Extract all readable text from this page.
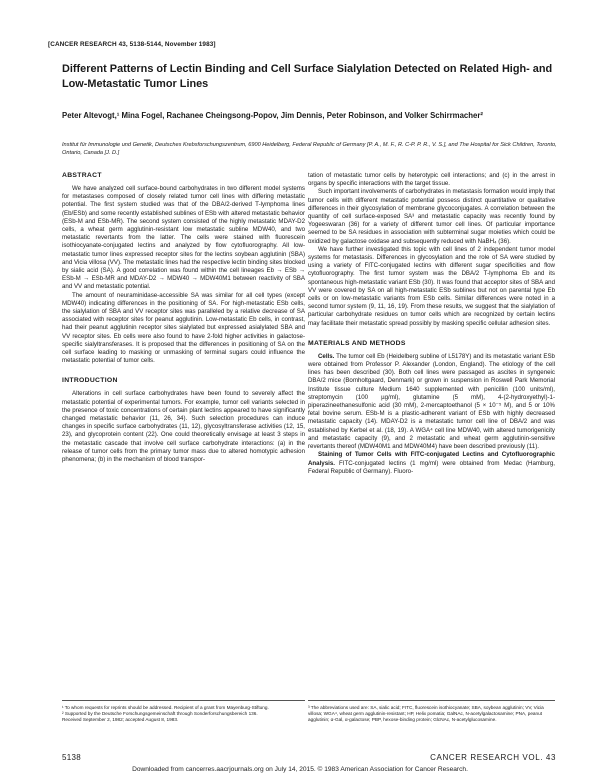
[CANCER RESEARCH 43, 5138-5144, November 1983]
Different Patterns of Lectin Binding and Cell Surface Sialylation Detected on Related High- and Low-Metastatic Tumor Lines
Peter Altevogt,¹ Mina Fogel, Rachanee Cheingsong-Popov, Jim Dennis, Peter Robinson, and Volker Schirrmacher²
Institut für Immunologie und Genetik, Deutsches Krebsforschungszentrum, 6900 Heidelberg, Federal Republic of Germany [P. A., M. F., R. C-P. P. R., V. S.], and The Hospital for Sick Children, Toronto, Ontario, Canada [J. D.]
ABSTRACT

We have analyzed cell surface-bound carbohydrates in two different model systems for metastases composed of closely related tumor cell lines with differing metastatic potential. The first system studied was that of the DBA/2-derived T-lymphoma lines (Eb/ESb) and some recently established sublines of ESb with altered metastatic behavior (ESb-M and ESb-MR). The second system consisted of the highly metastatic MDAY-D2 cells, a wheat germ agglutinin-resistant low metastatic subline MDW40, and two metastatic revertants from the latter. The cells were stained with fluorescein isothiocyanate-conjugated lectins and analyzed by flow cytofluorography. All low-metastatic tumor lines expressed receptor sites for the lectins soybean agglutinin (SBA) and Vicia villosa (VV). The metastatic lines had the respective lectin binding sites blocked by sialic acid (SA). A good correlation was found within the cell lineages Eb → ESb → ESb-M → ESb-MR and MDAY-D2 → MDW40 → MDW40M1 between reactivity of SBA and VV and metastatic potential.

The amount of neuraminidase-accessible SA was similar for all cell types (except MDW40) indicating differences in the positioning of SA. For high-metastatic ESb cells, the sialylation of SBA and VV receptor sites was paralleled by a relative decrease of SA associated with receptor sites for peanut agglutinin. Low-metastatic Eb cells, in contrast, had their peanut agglutinin receptor sites sialylated but expressed asialylated SBA and VV receptor sites. Eb cells were also found to have 2-fold higher activities in galactose-specific sialyltransferases. It is proposed that the differences in positioning of SA on the cell surface leading to masking or unmasking of terminal sugars could influence the metastatic potential of tumor cells.

INTRODUCTION

Alterations in cell surface carbohydrates have been found to severely affect the metastatic potential of experimental tumors. For example, tumor cell variants selected in the presence of toxic concentrations of certain plant lectins appeared to have significantly changed metastatic behavior (11, 26, 34). Such selection procedures can induce changes in specific surface carbohydrates (11, 12), glycosyltransferase activities (12, 15, 23), and glycoprotein content (22). One could theoretically envisage at least 3 steps in the metastatic cascade that involve cell surface carbohydrate interactions: (a) in the release of tumor cells from the primary tumor mass due to altered homotypic adhesion phenomena; (b) in the mechanism of blood transpor-

tation of metastatic tumor cells by heterotypic cell interactions; and (c) in the arrest in organs by specific interactions with the target tissue.

Such important involvements of carbohydrates in metastasis formation would imply that tumor cells with different metastatic potential possess distinct quantitative or qualitative differences in their glycosylation of membrane glycoconjugates. A correlation between the quantity of cell surface-exposed SA³ and metastatic capacity was recently found by Yogeeswaran (36) for a variety of different tumor cell lines. Of particular importance seemed to be SA residues in association with subterminal sugar moieties which could be oxidized by galactose oxidase and subsequently reduced with NaBH₄ (36).

We have further investigated this topic with cell lines of 2 independent tumor model systems for metastasis. Differences in glycosylation and the role of SA were studied by using a variety of FITC-conjugated lectins with different sugar specificities and flow cytofluorography. The first tumor system was the DBA/2 T-lymphoma Eb and its spontaneous high-metastatic variant ESb (30). It was found that acceptor sites of SBA and VV were covered by SA on all high-metastatic ESb sublines but not on parental type Eb cells or on low-metastatic variants from ESb cells. Similar differences were noted in a second tumor system (9, 11, 16, 19). From these results, we suggest that the sialylation of particular carbohydrate residues on tumor cells which are recognized by certain lectins may facilitate their metastatic spread possibly by masking specific cellular adhesion sites.

MATERIALS AND METHODS

Cells. The tumor cell Eb (Heidelberg subline of L5178Y) and its metastatic variant ESb were obtained from Professor P. Alexander (London, England). The etiology of the cell lines has been described (30). Both cell lines were passaged as ascites in syngeneic DBA/2 mice (Bomholtgaard, Denmark) or grown in suspension in Roswell Park Memorial Institute tissue culture Medium 1640 supplemented with penicillin (100 units/ml), streptomycin (100 µg/ml), glutamine (5 mM), 4-(2-hydroxyethyl)-1-piperazineethanesulfonic acid (30 mM), 2-mercaptoethanol (5 × 10⁻⁵ M), and 5 or 10% fetal bovine serum. ESb-M is a plastic-adherent variant of ESb with highly decreased metastatic capacity (14). MDAY-D2 is a metastatic tumor cell line of DBA/2 and was established by Kerbel et al. (18, 19). A WGA⁴ cell line MDW40, with altered tumorigenicity and metastatic capacity (9), and 2 metastatic and wheat germ agglutinin-sensitive revertants thereof (MDW40M1 and MDW40M4) have been described previously (11).

Staining of Tumor Cells with FITC-conjugated Lectins and Cytofluorographic Analysis. FITC-conjugated lectins (1 mg/ml) were obtained from Medac (Hamburg, Federal Republic of Germany). Fluoro-

¹ To whom requests for reprints should be addressed. Recipient of a grant from Mayenburg-Stiftung.
² Supported by the Deutsche Forschungsgemeinschaft through Sonderforschungsbereich 136.
Received September 2, 1982; accepted August 8, 1983.
³ The abbreviations used are: SA, sialic acid; FITC, fluorescein isothiocyanate; SBA, soybean agglutinin; VV, Vicia villosa; WGA⁴, wheat germ agglutinin-resistant; HP, Helix pomatia; GalNAc, N-acetylgalactosamine; PNA, peanut agglutinin; α-Gal, α-galactose; PBP, hexose-binding protein; GlcNAc, N-acetylglucosamine.
5138	CANCER RESEARCH VOL. 43
Downloaded from cancerres.aacrjournals.org on July 14, 2015. © 1983 American Association for Cancer Research.
